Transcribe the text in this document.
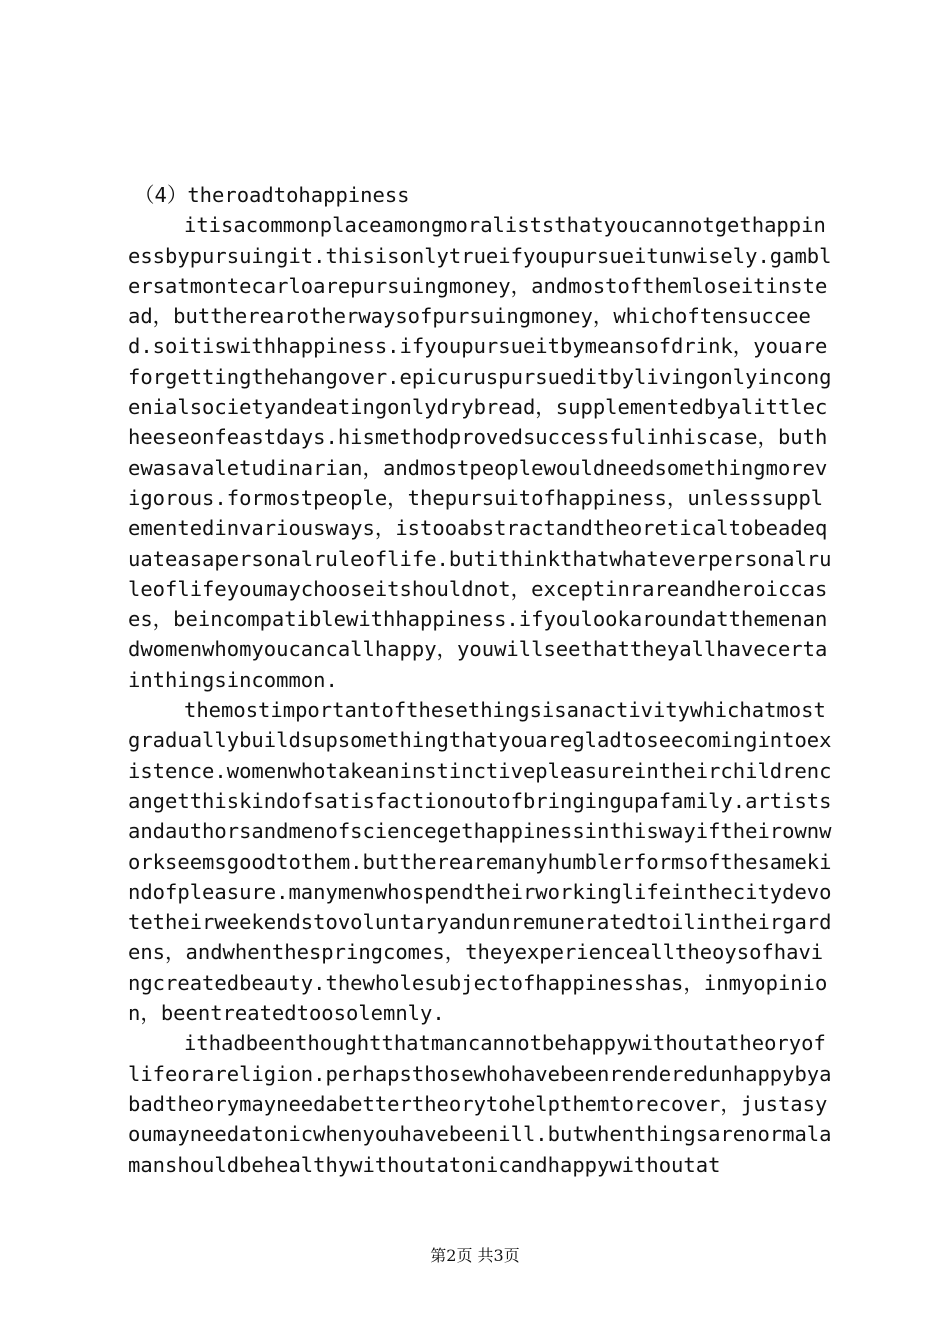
（4）theroadtohappiness

itisacommonplaceamongmoraliststhatyoucannotgethappinessbypursuingit.thisisonlytrueifyoupursueitunwisely.gamblersatmontecarloarepursuingmoney，andmostofthemloseitinstead，buttherearotherwaysofpursuingmoney，whichoftensucceed.soitiswithhappiness.ifyoupursueitbymeansofdrink，youareforgettingthehangover.epicuruspursueditbylivingonlyincongenialsocietyandeatingonlydrybread，supplementedbyalittlecheeseonfeastdays.hismethodprovedsuccessfulinhiscase，buthewasavaletudinarian，andmostpeoplewouldneedsomethingmorevigorous.formostpeople，thepursuitofhappiness，unlesssupplementedinvariousways，istooabstractandtheoreticaltobeadequateasapersonalruleoflife.butithinkthatwhateverpersonalruleoflifeyoumaychooseitshouldnot，exceptinrareandheroiccases，beincompatiblewithhappiness.ifyoulookaroundatthemenandwomenwhomyoucancallhappy，youwillseethattheyallhavecertainthingsincommon.

themostimportantofthesethingsisanactivitywhichatmostgraduallybuildsupsomethingthatyouaregladtoseecomingintoexistence.womenwhotakeaninstinctivepleasureintheirchildrencangetthiskindofsatisfactionoutofbringingupafamily.artistsandauthorsandmenofsciencegethappinessinthiswayiftheirownworkseemsgoodtothem.buttherearemanyhumblerformsofthesamekindofpleasure.manymenwhospendtheirworkinglifeinthecitydevotetheirweekendstovoluntaryandunremuneratedtoilintheirgardens，andwhenthespringcomes，theyexperiencealltheoysofhavingcreatedbeauty.thewholesubjectofhappinesshas，inmyopinion，beentreatedtoosolemnly.

ithadbeenthoughtthatmancannotbehappywithoutatheoryoflifeorareligion.perhapsthosewhohavebeenrenderedunhappybyabadtheorymayneedabettertheorytohelpthemtorecover，justasyoumayneedatonicwhenyouhavebeenill.butwhenthingsarenormalamanshouldbehealthywithoutatonicandhappywithoutat

第2页 共3页
